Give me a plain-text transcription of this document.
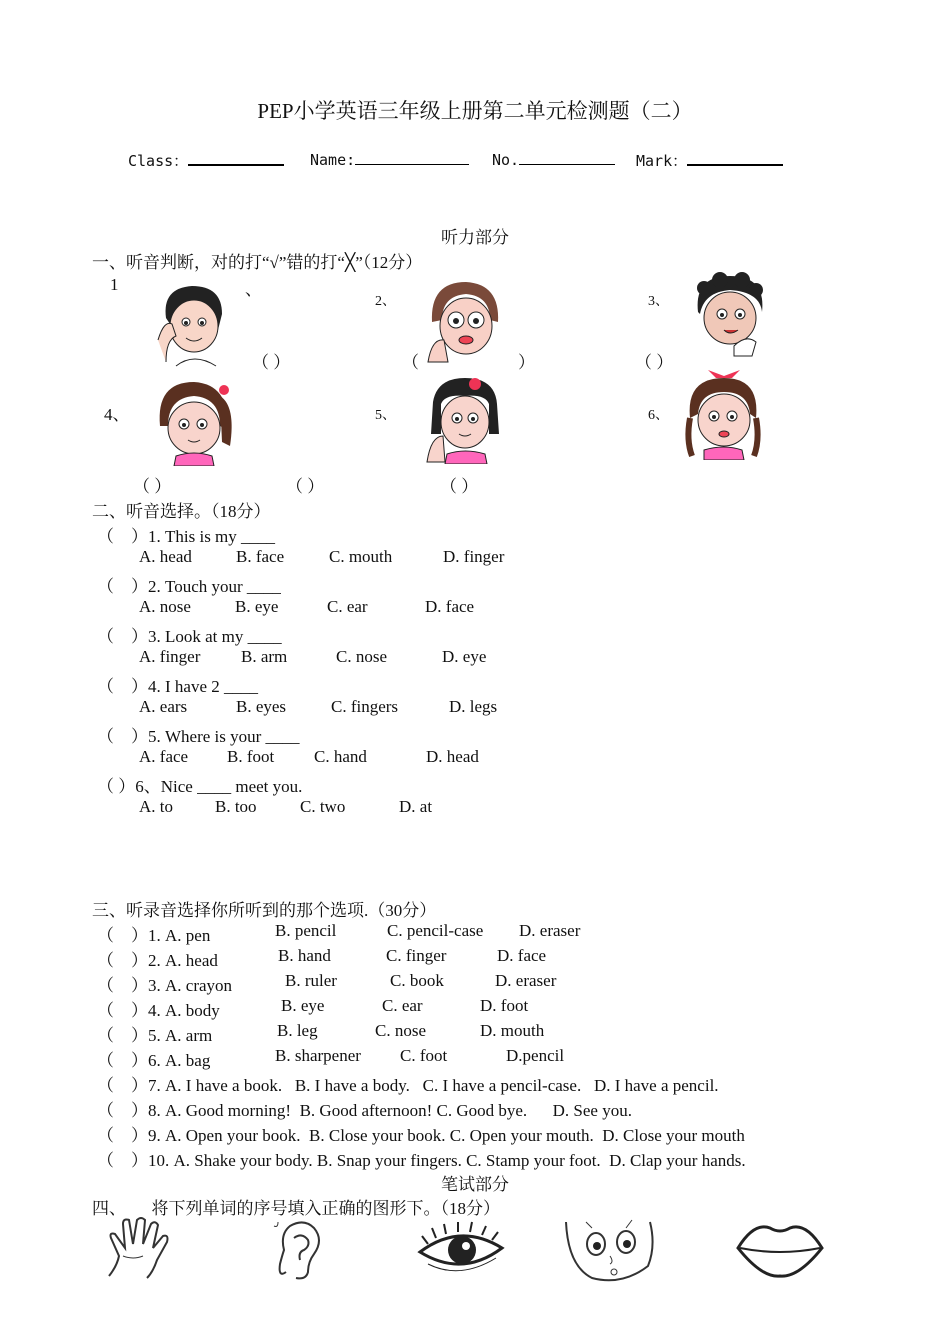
PEP小学英语三年级上册第二单元检测题（二）
Class：	Name:	No.	Mark：
听力部分
一、听音判断，对的打“√”错的打“╳”（12分）
1	、
2、	3、
4、	5、	6、
（ ）	（	）	（ ）
（ ）	（ ）	（ ）
二、听音选择。（18分）
（　）1. This is my ____
A. head	B. face	C. mouth	D. finger
（　）2. Touch your ____
A. nose	B. eye	C. ear	D. face
（　）3. Look at my ____
A. finger B. arm	C. nose	D. eye
（　）4. I have 2 ____
A. ears	B. eyes	C. fingers	D. legs
（　）5. Where is your ____
A. face B. foot C. hand	D. head
（ ）6、Nice ____ meet you.
A. to B. too	C. two	D. at
三、听录音选择你所听到的那个选项.（30分）
（　）1. A. pen	B. pencil	C. pencil-case D. eraser
（　）2. A. head	B. hand	C. finger	D. face
（　）3. A. crayon	B. ruler	C. book	D. eraser
（　）4. A. body	B. eye	C. ear	D. foot
（　）5. A. arm	B. leg	C. nose	D. mouth
（　）6. A. bag	B. sharpener C. foot	D.pencil
（　）7. A. I have a book.   B. I have a body.   C. I have a pencil-case.   D. I have a pencil.
（　）8. A. Good morning!  B. Good afternoon! C. Good bye.      D. See you.
（　）9. A. Open your book.  B. Close your book. C. Open your mouth.  D. Close your mouth
（　）10. A. Shake your body. B. Snap your fingers. C. Stamp your foot.  D. Clap your hands.
笔试部分
四、　　将下列单词的序号填入正确的图形下。（18分）
